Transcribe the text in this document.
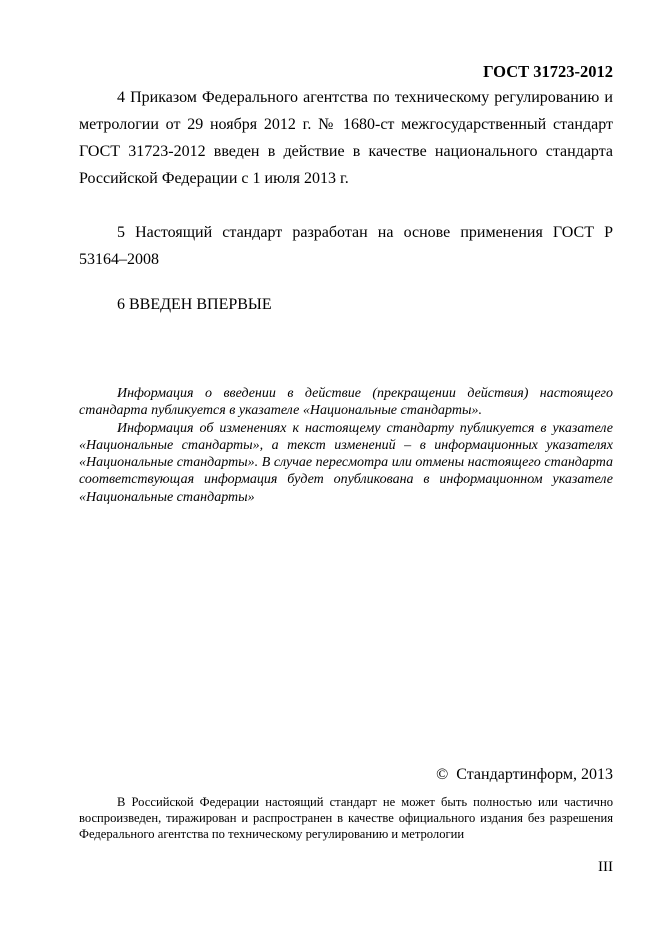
ГОСТ 31723-2012

4 Приказом Федерального агентства по техническому регулированию и метрологии от 29 ноября 2012 г. № 1680-ст межгосударственный стандарт ГОСТ 31723-2012 введен в действие в качестве национального стандарта Российской Федерации с 1 июля 2013 г.

5 Настоящий стандарт разработан на основе применения ГОСТ Р 53164–2008

6 ВВЕДЕН ВПЕРВЫЕ

Информация о введении в действие (прекращении действия) настоящего стандарта публикуется в указателе «Национальные стандарты».

Информация об изменениях к настоящему стандарту публикуется в указателе «Национальные стандарты», а текст изменений – в информационных указателях «Национальные стандарты». В случае пересмотра или отмены настоящего стандарта соответствующая информация будет опубликована в информационном указателе «Национальные стандарты»

© Стандартинформ, 2013

В Российской Федерации настоящий стандарт не может быть полностью или частично воспроизведен, тиражирован и распространен в качестве официального издания без разрешения Федерального агентства по техническому регулированию и метрологии

III
